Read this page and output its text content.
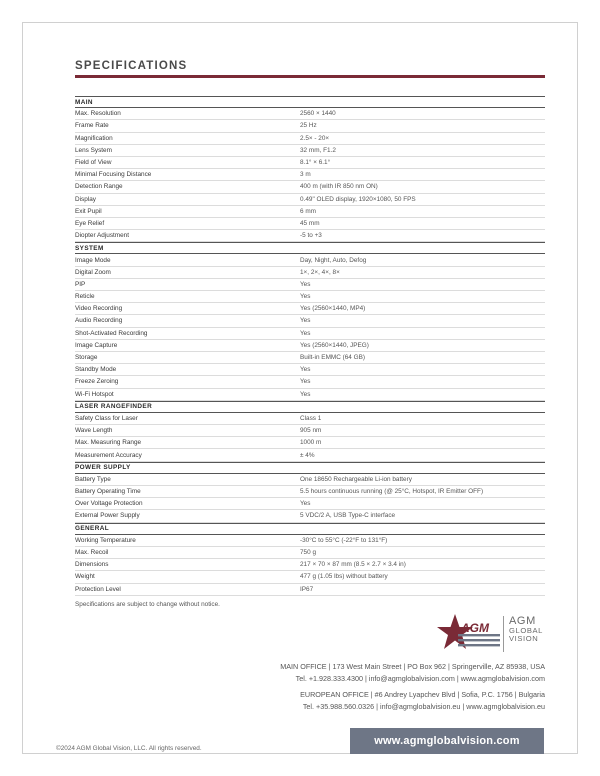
SPECIFICATIONS
MAIN
Max. Resolution	2560 × 1440
Frame Rate	25 Hz
Magnification	2.5× - 20×
Lens System	32 mm, F1.2
Field of View	8.1° × 6.1°
Minimal Focusing Distance	3 m
Detection Range	400 m (with IR 850 nm ON)
Display	0.49" OLED display, 1920×1080, 50 FPS
Exit Pupil	6 mm
Eye Relief	45 mm
Diopter Adjustment	-5 to +3
SYSTEM
Image Mode	Day, Night, Auto, Defog
Digital Zoom	1×, 2×, 4×, 8×
PIP	Yes
Reticle	Yes
Video Recording	Yes (2560×1440, MP4)
Audio Recording	Yes
Shot-Activated Recording	Yes
Image Capture	Yes (2560×1440, JPEG)
Storage	Built-in EMMC (64 GB)
Standby Mode	Yes
Freeze Zeroing	Yes
Wi-Fi Hotspot	Yes
LASER RANGEFINDER
Safety Class for Laser	Class 1
Wave Length	905 nm
Max. Measuring Range	1000 m
Measurement Accuracy	± 4%
POWER SUPPLY
Battery Type	One 18650 Rechargeable Li-ion battery
Battery Operating Time	5.5 hours continuous running (@ 25°C, Hotspot, IR Emitter OFF)
Over Voltage Protection	Yes
External Power Supply	5 VDC/2 A, USB Type-C interface
GENERAL
Working Temperature	-30°C to 55°C (-22°F to 131°F)
Max. Recoil	750 g
Dimensions	217 × 70 × 87 mm (8.5 × 2.7 × 3.4 in)
Weight	477 g (1.05 lbs) without battery
Protection Level	IP67
Specifications are subject to change without notice.
AGM AGM
GLOBAL
VISION
MAIN OFFICE | 173 West Main Street | PO Box 962 | Springerville, AZ 85938, USA
Tel. +1.928.333.4300 | info@agmglobalvision.com | www.agmglobalvision.com
EUROPEAN OFFICE | #6 Andrey Lyapchev Blvd | Sofia, P.C. 1756 | Bulgaria
Tel. +35.988.560.0326 | info@agmglobalvision.eu | www.agmglobalvision.eu
www.agmglobalvision.com
©2024 AGM Global Vision, LLC. All rights reserved.
